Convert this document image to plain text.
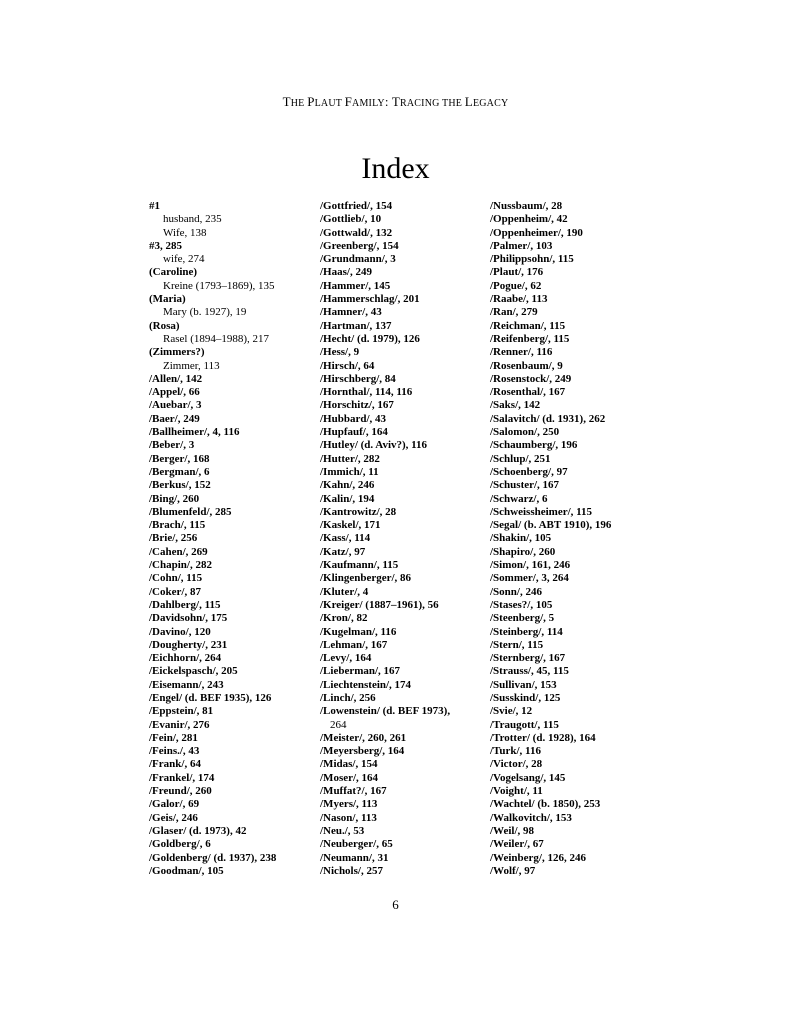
THE PLAUT FAMILY: TRACING THE LEGACY
Index
#1
husband, 235
Wife, 138
#3, 285
wife, 274
(Caroline)
Kreine (1793–1869), 135
(Maria)
Mary (b. 1927), 19
(Rosa)
Rasel (1894–1988), 217
(Zimmers?)
Zimmer, 113
/Allen/, 142
/Appel/, 66
/Auebar/, 3
/Baer/, 249
/Ballheimer/, 4, 116
/Beber/, 3
/Berger/, 168
/Bergman/, 6
/Berkus/, 152
/Bing/, 260
/Blumenfeld/, 285
/Brach/, 115
/Brie/, 256
/Cahen/, 269
/Chapin/, 282
/Cohn/, 115
/Coker/, 87
/Dahlberg/, 115
/Davidsohn/, 175
/Davino/, 120
/Dougherty/, 231
/Eichhorn/, 264
/Eickelspasch/, 205
/Eisemann/, 243
/Engel/ (d. BEF 1935), 126
/Eppstein/, 81
/Evanir/, 276
/Fein/, 281
/Feins./, 43
/Frank/, 64
/Frankel/, 174
/Freund/, 260
/Galor/, 69
/Geis/, 246
/Glaser/ (d. 1973), 42
/Goldberg/, 6
/Goldenberg/ (d. 1937), 238
/Goodman/, 105
/Gottfried/, 154
/Gottlieb/, 10
/Gottwald/, 132
/Greenberg/, 154
/Grundmann/, 3
/Haas/, 249
/Hammer/, 145
/Hammerschlag/, 201
/Hamner/, 43
/Hartman/, 137
/Hecht/ (d. 1979), 126
/Hess/, 9
/Hirsch/, 64
/Hirschberg/, 84
/Hornthal/, 114, 116
/Horschitz/, 167
/Hubbard/, 43
/Hupfauf/, 164
/Hutley/ (d. Aviv?), 116
/Hutter/, 282
/Immich/, 11
/Kahn/, 246
/Kalin/, 194
/Kantrowitz/, 28
/Kaskel/, 171
/Kass/, 114
/Katz/, 97
/Kaufmann/, 115
/Klingenberger/, 86
/Kluter/, 4
/Kreiger/ (1887–1961), 56
/Kron/, 82
/Kugelman/, 116
/Lehman/, 167
/Levy/, 164
/Lieberman/, 167
/Liechtenstein/, 174
/Linch/, 256
/Lowenstein/ (d. BEF 1973),
264
/Meister/, 260, 261
/Meyersberg/, 164
/Midas/, 154
/Moser/, 164
/Muffat?/, 167
/Myers/, 113
/Nason/, 113
/Neu./, 53
/Neuberger/, 65
/Neumann/, 31
/Nichols/, 257
/Nussbaum/, 28
/Oppenheim/, 42
/Oppenheimer/, 190
/Palmer/, 103
/Philippsohn/, 115
/Plaut/, 176
/Pogue/, 62
/Raabe/, 113
/Ran/, 279
/Reichman/, 115
/Reifenberg/, 115
/Renner/, 116
/Rosenbaum/, 9
/Rosenstock/, 249
/Rosenthal/, 167
/Saks/, 142
/Salavitch/ (d. 1931), 262
/Salomon/, 250
/Schaumberg/, 196
/Schlup/, 251
/Schoenberg/, 97
/Schuster/, 167
/Schwarz/, 6
/Schweissheimer/, 115
/Segal/ (b. ABT 1910), 196
/Shakin/, 105
/Shapiro/, 260
/Simon/, 161, 246
/Sommer/, 3, 264
/Sonn/, 246
/Stases?/, 105
/Steenberg/, 5
/Steinberg/, 114
/Stern/, 115
/Sternberg/, 167
/Strauss/, 45, 115
/Sullivan/, 153
/Susskind/, 125
/Svie/, 12
/Traugott/, 115
/Trotter/ (d. 1928), 164
/Turk/, 116
/Victor/, 28
/Vogelsang/, 145
/Voight/, 11
/Wachtel/ (b. 1850), 253
/Walkovitch/, 153
/Weil/, 98
/Weiler/, 67
/Weinberg/, 126, 246
/Wolf/, 97
6
